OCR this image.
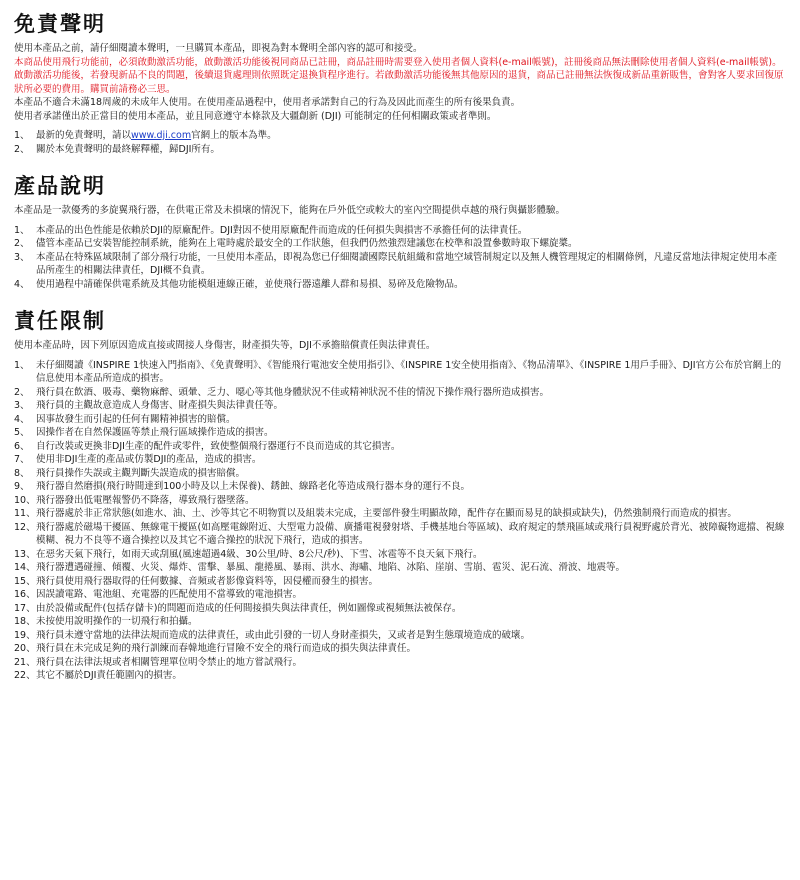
免責聲明

使用本產品之前，請仔細閱讀本聲明，一旦購買本產品，即視為對本聲明全部內容的認可和接受。

本商品使用飛行功能前，必須啟動激活功能，啟動激活功能後視同商品已註冊，商品註冊時需要登入使用者個人資料(e-mail帳號)，註冊後商品無法刪除使用者個人資料(e-mail帳號)。啟動激活功能後，若發現新品不良的問題，後續退貨處理則依照既定退換貨程序進行。若啟動激活功能後無其他原因的退貨，商品已註冊無法恢復成新品重新販售，會對客人要求回復原狀所必要的費用。購買前請務必三思。

本產品不適合未滿18周歲的未成年人使用。在使用產品過程中，使用者承諾對自己的行為及因此而產生的所有後果負責。

使用者承諾僅出於正當目的使用本產品，並且同意遵守本條款及大疆創新 (DJI) 可能制定的任何相關政策或者準則。

1、 最新的免責聲明，請以www.dji.com官網上的版本為準。
2、 關於本免責聲明的最終解釋權，歸DJI所有。
產品說明

本產品是一款優秀的多旋翼飛行器，在供電正常及未損壞的情況下，能夠在戶外低空或較大的室內空間提供卓越的飛行與攝影體驗。

1、 本產品的出色性能是依賴於DJI的原廠配件。DJI對因不使用原廠配件而造成的任何損失與損害不承擔任何的法律責任。
2、 儘管本產品已安裝智能控制系統，能夠在上電時處於最安全的工作狀態，但我們仍然強烈建議您在校準和設置參數時取下螺旋槳。
3、 本產品在特殊區域限制了部分飛行功能，一旦使用本產品，即視為您已仔細閱讀國際民航組織和當地空域管制規定以及無人機管理規定的相關條例，凡違反當地法律規定使用本產品所產生的相關法律責任，DJI概不負責。
4、 使用過程中請確保供電系統及其他功能模組連線正確，並使飛行器遠離人群和易損、易碎及危險物品。
責任限制

使用本產品時，因下列原因造成直接或間接人身傷害，財產損失等，DJI不承擔賠償責任與法律責任。

1、 未仔細閱讀《INSPIRE 1快速入門指南》、《免責聲明》、《智能飛行電池安全使用指引》、《INSPIRE 1安全使用指南》、《物品清單》、《INSPIRE 1用戶手冊》、DJI官方公布於官網上的信息使用本產品所造成的損害。
2、 飛行員在飲酒、吸毒、藥物麻醉、頭暈、乏力、噁心等其他身體狀況不佳或精神狀況不佳的情況下操作飛行器所造成損害。
3、 飛行員的主觀故意造成人身傷害、財產損失與法律責任等。
4、 因事故發生而引起的任何有關精神損害的賠償。
5、 因操作者在自然保護區等禁止飛行區域操作造成的損害。
6、 自行改裝或更換非DJI生產的配件或零件，致使整個飛行器運行不良而造成的其它損害。
7、 使用非DJI生產的產品或仿製DJI的產品，造成的損害。
8、 飛行員操作失誤或主觀判斷失誤造成的損害賠償。
9、 飛行器自然磨損(飛行時間達到100小時及以上未保養)、銹蝕、線路老化等造成飛行器本身的運行不良。
10、 飛行器發出低電壓報警仍不降落，導致飛行器墜落。
11、 飛行器處於非正常狀態(如進水、油、土、沙等其它不明物質以及組裝未完成，主要部件發生明顯故障，配件存在顯而易見的缺損或缺失)，仍然強制飛行而造成的損害。
12、 飛行器處於磁場干擾區、無線電干擾區(如高壓電線附近、大型電力設備、廣播電視發射塔、手機基地台等區域)、政府規定的禁飛區域或飛行員視野處於背光、被障礙物遮擋、視線模糊、視力不良等不適合操控以及其它不適合操控的狀況下飛行，造成的損害。
13、 在惡劣天氣下飛行，如雨天或刮風(風速超過4級、30公里/時、8公尺/秒)、下雪、冰雹等不良天氣下飛行。
14、 飛行器遭遇碰撞、傾覆、火災、爆炸、雷擊、暴風、龍捲風、暴雨、洪水、海嘯、地陷、冰陷、崖崩、雪崩、雹災、泥石流、滑波、地震等。
15、 飛行員使用飛行器取得的任何數據、音頻或者影像資料等，因侵權而發生的損害。
16、 因誤讀電路、電池組、充電器的匹配使用不當導致的電池損害。
17、 由於設備或配件(包括存儲卡)的問題而造成的任何間接損失與法律責任，例如圖像或視頻無法被保存。
18、 未按使用說明操作的一切飛行和拍攝。
19、 飛行員未遵守當地的法律法規而造成的法律責任，或由此引發的一切人身財產損失，又或者是對生態環境造成的破壞。
20、 飛行員在未完成足夠的飛行訓練而春韓地進行冒險不安全的飛行而造成的損失與法律責任。
21、 飛行員在法律法規或者相關管理單位明令禁止的地方嘗試飛行。
22、 其它不屬於DJI責任範圍內的損害。
